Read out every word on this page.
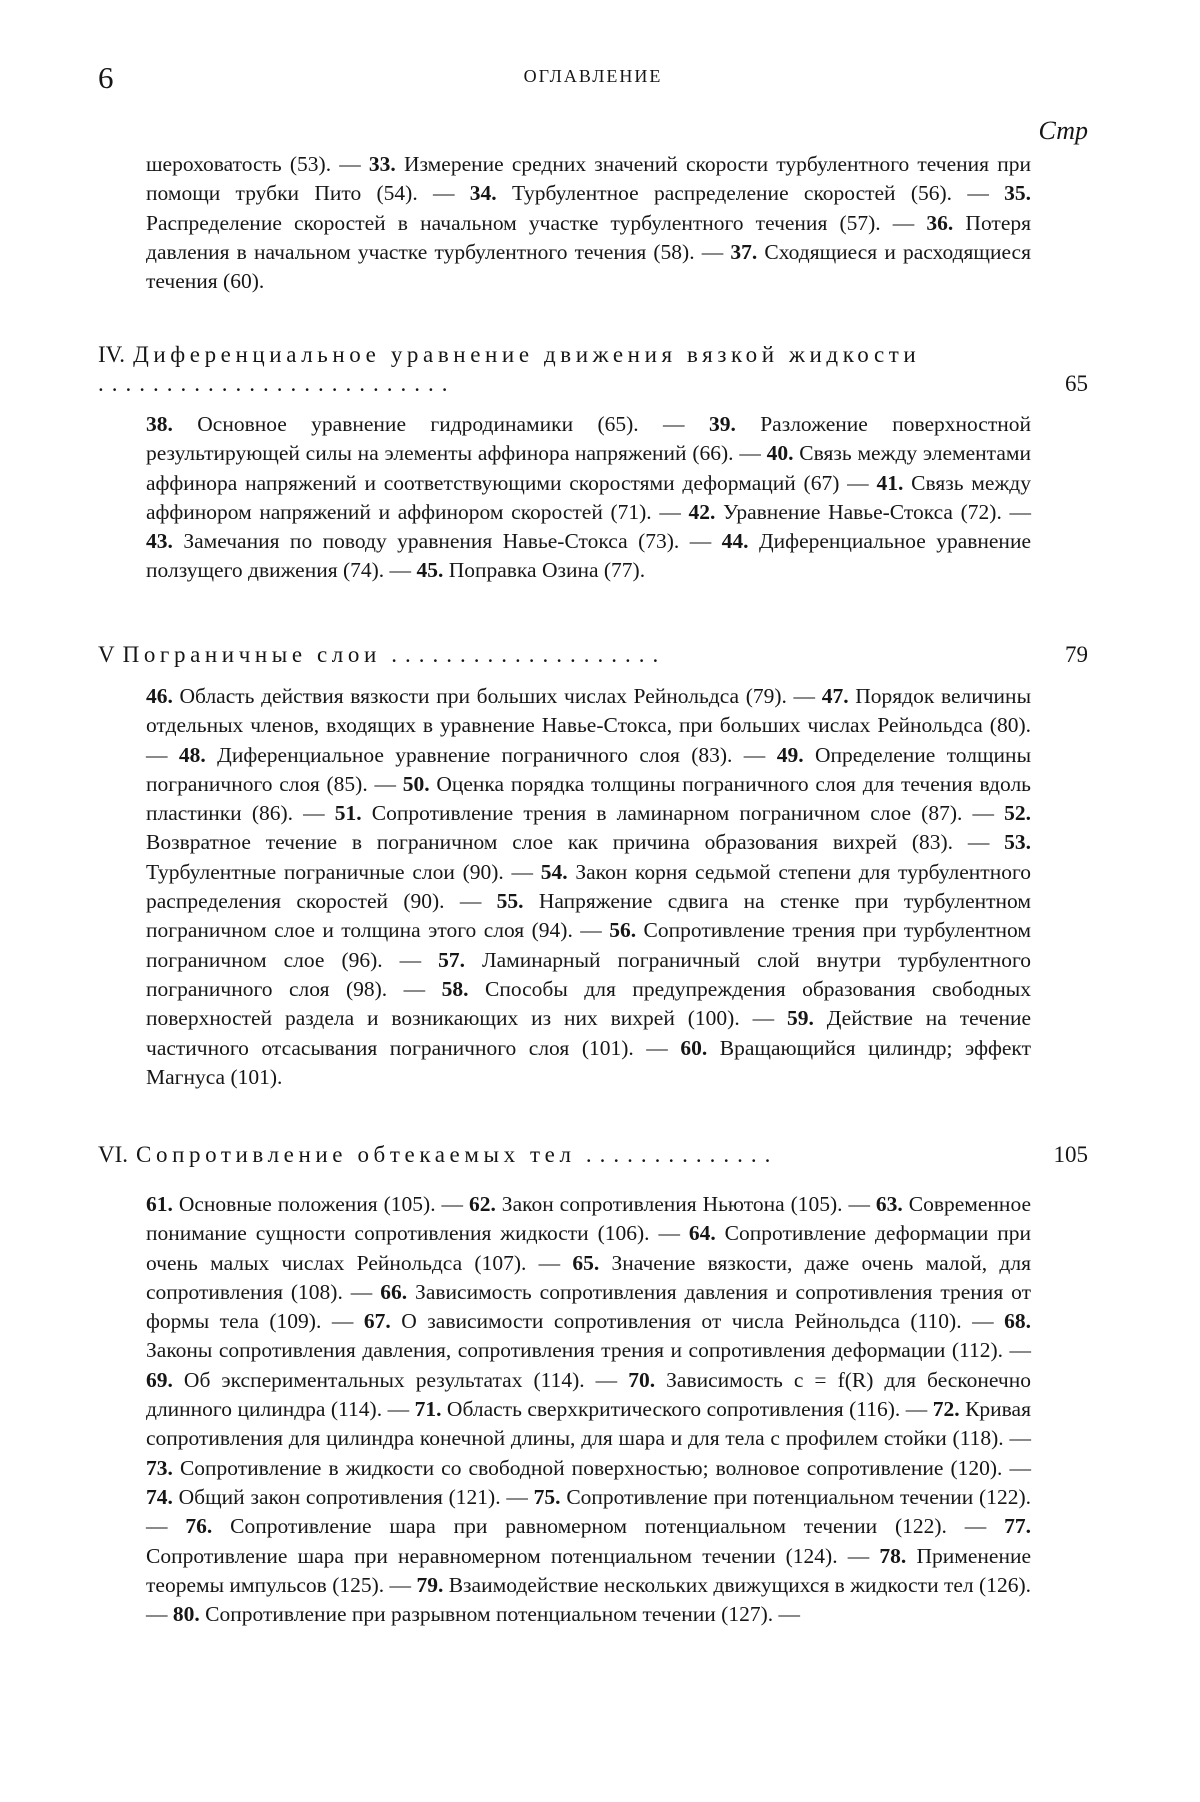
6	ОГЛАВЛЕНИЕ
Стр
шероховатость (53). — 33. Измерение средних значений скорости турбулентного течения при помощи трубки Пито (54). — 34. Турбулентное распределение скоростей (56). — 35. Распределение скоростей в начальном участке турбулентного течения (57). — 36. Потеря давления в начальном участке турбулентного течения (58). — 37. Сходящиеся и расходящиеся течения (60).
IV. Диференциальное уравнение движения вязкой жидкости ..........................	65
38. Основное уравнение гидродинамики (65). — 39. Разложение поверхностной результирующей силы на элементы аффинора напряжений (66). — 40. Связь между элементами аффинора напряжений и соответствующими скоростями деформаций (67) — 41. Связь между аффинором напряжений и аффинором скоростей (71). — 42. Уравнение Навье-Стокса (72). — 43. Замечания по поводу уравнения Навье-Стокса (73). — 44. Диференциальное уравнение ползущего движения (74). — 45. Поправка Озина (77).
V Пограничные слои ....................	79
46. Область действия вязкости при больших числах Рейнольдса (79). — 47. Порядок величины отдельных членов, входящих в уравнение Навье-Стокса, при больших числах Рейнольдса (80). — 48. Диференциальное уравнение пограничного слоя (83). — 49. Определение толщины пограничного слоя (85). — 50. Оценка порядка толщины пограничного слоя для течения вдоль пластинки (86). — 51. Сопротивление трения в ламинарном пограничном слое (87). — 52. Возвратное течение в пограничном слое как причина образования вихрей (83). — 53. Турбулентные пограничные слои (90). — 54. Закон корня седьмой степени для турбулентного распределения скоростей (90). — 55. Напряжение сдвига на стенке при турбулентном пограничном слое и толщина этого слоя (94). — 56. Сопротивление трения при турбулентном пограничном слое (96). — 57. Ламинарный пограничный слой внутри турбулентного пограничного слоя (98). — 58. Способы для предупреждения образования свободных поверхностей раздела и возникающих из них вихрей (100). — 59. Действие на течение частичного отсасывания пограничного слоя (101). — 60. Вращающийся цилиндр; эффект Магнуса (101).
VI. Сопротивление обтекаемых тел ..............	105
61. Основные положения (105). — 62. Закон сопротивления Ньютона (105). — 63. Современное понимание сущности сопротивления жидкости (106). — 64. Сопротивление деформации при очень малых числах Рейнольдса (107). — 65. Значение вязкости, даже очень малой, для сопротивления (108). — 66. Зависимость сопротивления давления и сопротивления трения от формы тела (109). — 67. О зависимости сопротивления от числа Рейнольдса (110). — 68. Законы сопротивления давления, сопротивления трения и сопротивления деформации (112). — 69. Об экспериментальных результатах (114). — 70. Зависимость c = f(R) для бесконечно длинного цилиндра (114). — 71. Область сверхкритического сопротивления (116). — 72. Кривая сопротивления для цилиндра конечной длины, для шара и для тела с профилем стойки (118). — 73. Сопротивление в жидкости со свободной поверхностью; волновое сопротивление (120). — 74. Общий закон сопротивления (121). — 75. Сопротивление при потенциальном течении (122). — 76. Сопротивление шара при равномерном потенциальном течении (122). — 77. Сопротивление шара при неравномерном потенциальном течении (124). — 78. Применение теоремы импульсов (125). — 79. Взаимодействие нескольких движущихся в жидкости тел (126). — 80. Сопротивление при разрывном потенциальном течении (127). —
